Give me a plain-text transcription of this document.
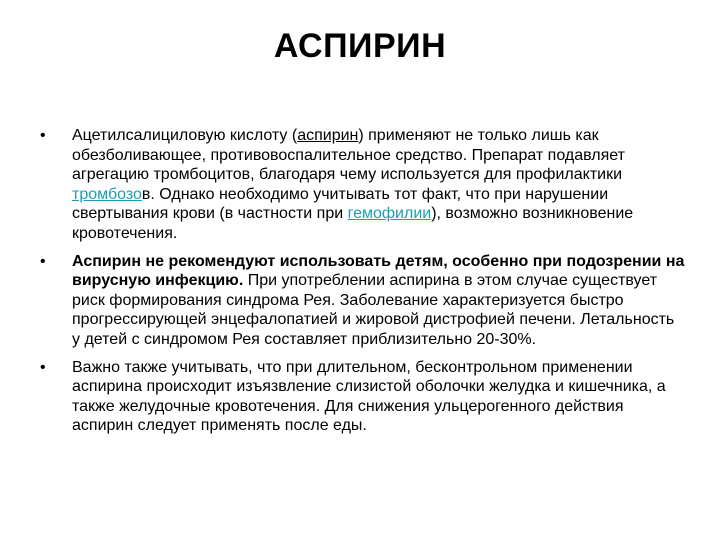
АСПИРИН
• Ацетилсалициловую кислоту (аспирин) применяют не только лишь как обезболивающее, противовоспалительное средство. Препарат подавляет агрегацию тромбоцитов, благодаря чему используется для профилактики тромбозов. Однако необходимо учитывать тот факт, что при нарушении свертывания крови (в частности при гемофилии), возможно возникновение кровотечения.
• Аспирин не рекомендуют использовать детям, особенно при подозрении на вирусную инфекцию. При употреблении аспирина в этом случае существует риск формирования синдрома Рея. Заболевание характеризуется быстро прогрессирующей энцефалопатией и жировой дистрофией печени. Летальность у детей с синдромом Рея составляет приблизительно 20-30%.
• Важно также учитывать, что при длительном, бесконтрольном применении аспирина происходит изъязвление слизистой оболочки желудка и кишечника, а также желудочные кровотечения. Для снижения ульцерогенного действия аспирин следует применять после еды.
